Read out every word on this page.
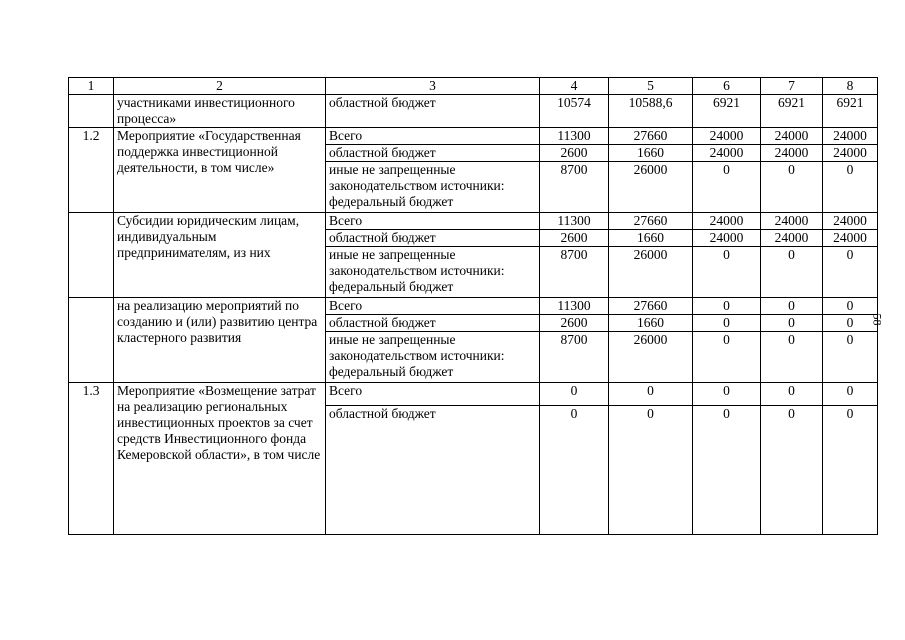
58
1	2	3	4	5	6	7	8
	участниками инвестиционного процесса»	областной бюджет	10574	10588,6	6921	6921	6921
1.2	Мероприятие «Государственная поддержка инвестиционной деятельности, в том числе»	Всего	11300	27660	24000	24000	24000
		областной бюджет	2600	1660	24000	24000	24000
		иные не запрещенные законодательством источники: федеральный бюджет	8700	26000	0	0	0
	Субсидии юридическим лицам, индивидуальным предпринимателям, из них	Всего	11300	27660	24000	24000	24000
		областной бюджет	2600	1660	24000	24000	24000
		иные не запрещенные законодательством источники: федеральный бюджет	8700	26000	0	0	0
	на реализацию мероприятий по созданию и (или) развитию центра кластерного развития	Всего	11300	27660	0	0	0
		областной бюджет	2600	1660	0	0	0
		иные не запрещенные законодательством источники: федеральный бюджет	8700	26000	0	0	0
1.3	Мероприятие «Возмещение затрат на реализацию региональных инвестиционных проектов за счет средств Инвестиционного фонда Кемеровской области», в том числе	Всего	0	0	0	0	0
		областной бюджет	0	0	0	0	0
